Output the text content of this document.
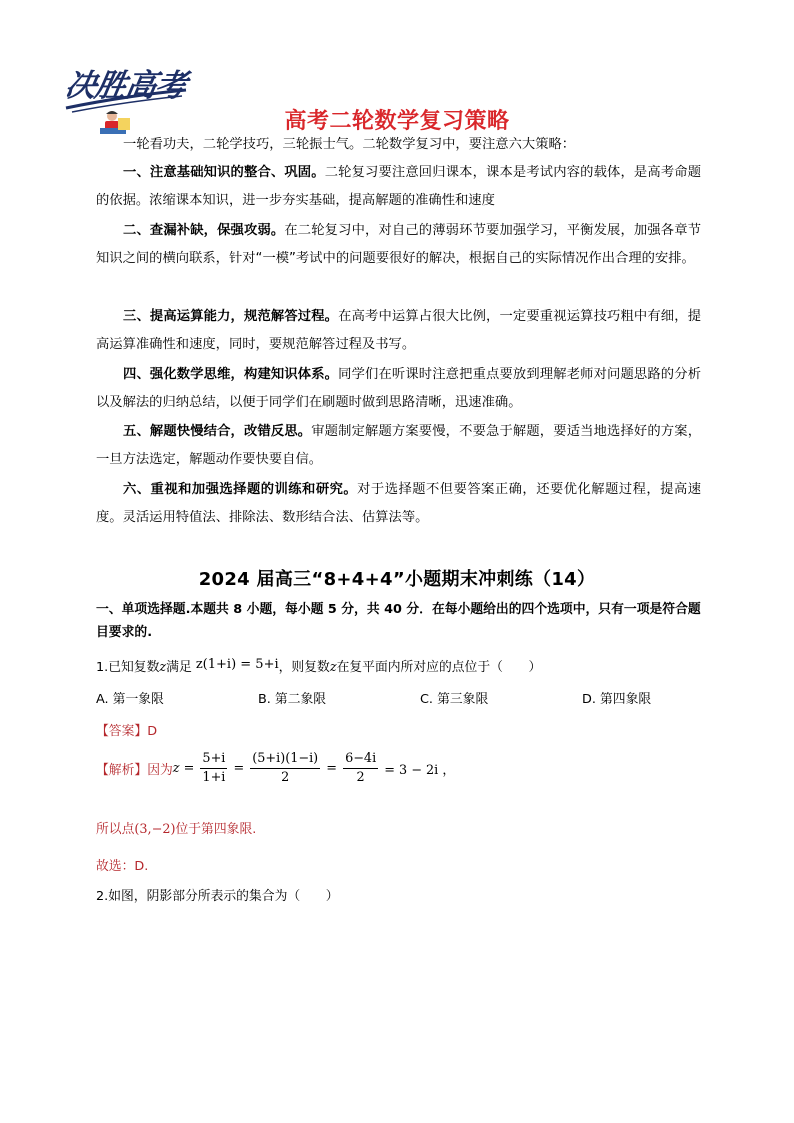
决胜高考
高考二轮数学复习策略
一轮看功夫，二轮学技巧，三轮振士气。二轮数学复习中，要注意六大策略：
一、注意基础知识的整合、巩固。二轮复习要注意回归课本，课本是考试内容的载体，是高考命题的依据。浓缩课本知识，进一步夯实基础，提高解题的准确性和速度
二、查漏补缺，保强攻弱。在二轮复习中，对自己的薄弱环节要加强学习，平衡发展，加强各章节知识之间的横向联系，针对“一模”考试中的问题要很好的解决，根据自己的实际情况作出合理的安排。
三、提高运算能力，规范解答过程。在高考中运算占很大比例，一定要重视运算技巧粗中有细，提高运算准确性和速度，同时，要规范解答过程及书写。
四、强化数学思维，构建知识体系。同学们在听课时注意把重点要放到理解老师对问题思路的分析以及解法的归纳总结，以便于同学们在刷题时做到思路清晰，迅速准确。
五、解题快慢结合，改错反思。审题制定解题方案要慢，不要急于解题，要适当地选择好的方案，一旦方法选定，解题动作要快要自信。
六、重视和加强选择题的训练和研究。对于选择题不但要答案正确，还要优化解题过程，提高速度。灵活运用特值法、排除法、数形结合法、估算法等。
2024 届高三“8+4+4”小题期末冲刺练（14）
一、单项选择题.本题共 8 小题，每小题 5 分，共 40 分．在每小题给出的四个选项中，只有一项是符合题目要求的.
1.已知复数z满足 z(1+i) = 5+i，则复数z在复平面内所对应的点位于（　　）
A. 第一象限	B. 第二象限	C. 第三象限	D. 第四象限
【答案】D
【解析】因为$z = \frac{5+i}{1+i} = \frac{(5+i)(1-i)}{2} = \frac{6-4i}{2} = 3 - 2i$ ，
所以点(3,−2)位于第四象限.
故选：D.
2.如图，阴影部分所表示的集合为（　　）
